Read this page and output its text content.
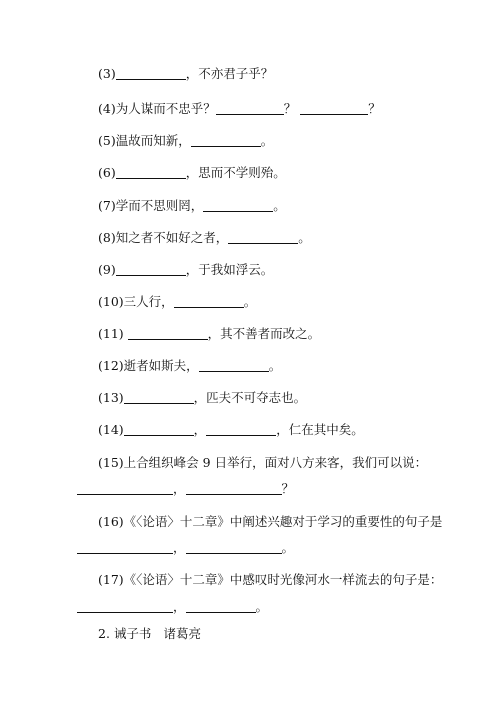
(3)	，不亦君子乎？
(4)为人谋而不忠乎？	？	？
(5)温故而知新，	。
(6)	，思而不学则殆。
(7)学而不思则罔，	。
(8)知之者不如好之者，	。
(9)	，于我如浮云。
(10)三人行，	。
(11)	，其不善者而改之。
(12)逝者如斯夫，	。
(13)	，匹夫不可夺志也。
(14)	，	，仁在其中矣。
(15)上合组织峰会 9 日举行，面对八方来客，我们可以说：
，	？
(16)《〈论语〉十二章》中阐述兴趣对于学习的重要性的句子是
，	。
(17)《〈论语〉十二章》中感叹时光像河水一样流去的句子是：
，	。
2. 诫子书 诸葛亮
